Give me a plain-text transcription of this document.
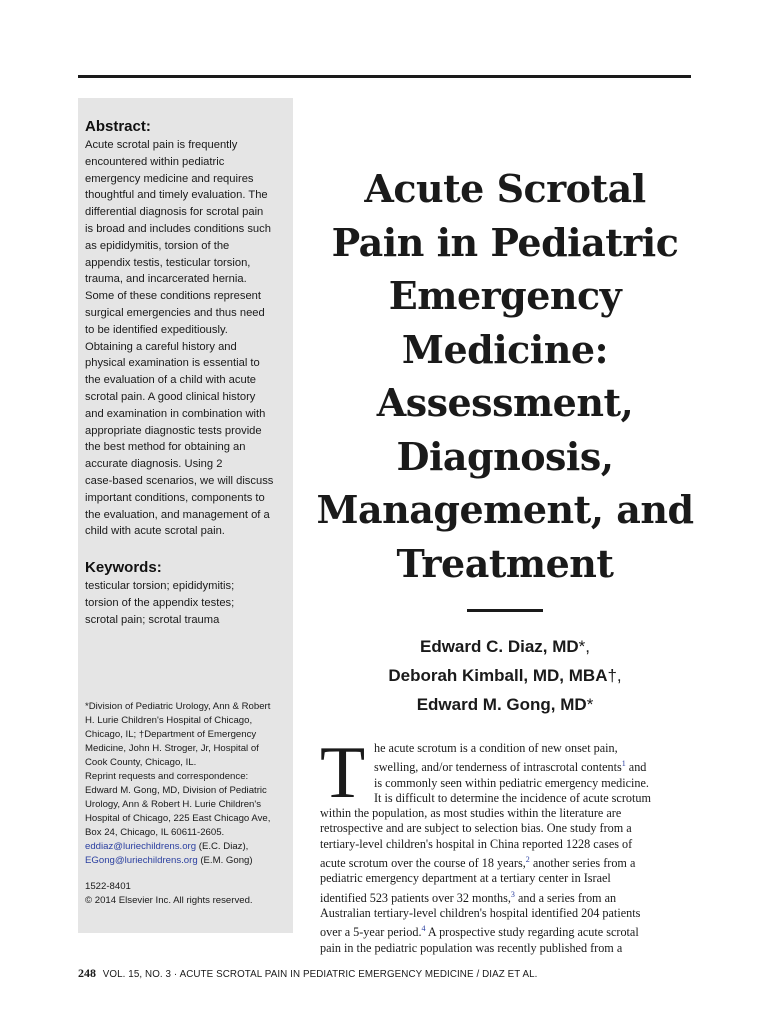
Abstract:
Acute scrotal pain is frequently
encountered within pediatric
emergency medicine and requires
thoughtful and timely evaluation. The
differential diagnosis for scrotal pain
is broad and includes conditions such
as epididymitis, torsion of the
appendix testis, testicular torsion,
trauma, and incarcerated hernia.
Some of these conditions represent
surgical emergencies and thus need
to be identified expeditiously.
Obtaining a careful history and
physical examination is essential to
the evaluation of a child with acute
scrotal pain. A good clinical history
and examination in combination with
appropriate diagnostic tests provide
the best method for obtaining an
accurate diagnosis. Using 2
case-based scenarios, we will discuss
important conditions, components to
the evaluation, and management of a
child with acute scrotal pain.
Keywords:
testicular torsion; epididymitis;
torsion of the appendix testes;
scrotal pain; scrotal trauma
*Division of Pediatric Urology, Ann & Robert
H. Lurie Children's Hospital of Chicago,
Chicago, IL; †Department of Emergency
Medicine, John H. Stroger, Jr, Hospital of
Cook County, Chicago, IL.
Reprint requests and correspondence:
Edward M. Gong, MD, Division of Pediatric
Urology, Ann & Robert H. Lurie Children's
Hospital of Chicago, 225 East Chicago Ave,
Box 24, Chicago, IL 60611-2605.
eddiaz@luriechildrens.org (E.C. Diaz),
EGong@luriechildrens.org (E.M. Gong)
1522-8401
© 2014 Elsevier Inc. All rights reserved.
Acute Scrotal
Pain in Pediatric
Emergency
Medicine:
Assessment,
Diagnosis,
Management, and
Treatment
Edward C. Diaz, MD*,
Deborah Kimball, MD, MBA†,
Edward M. Gong, MD*
T he acute scrotum is a condition of new onset pain,
swelling, and/or tenderness of intrascrotal contents$^1$ and
is commonly seen within pediatric emergency medicine.
It is difficult to determine the incidence of acute scrotum
within the population, as most studies within the literature are
retrospective and are subject to selection bias. One study from a
tertiary-level children's hospital in China reported 1228 cases of
acute scrotum over the course of 18 years,$^2$ another series from a
pediatric emergency department at a tertiary center in Israel
identified 523 patients over 32 months,$^3$ and a series from an
Australian tertiary-level children's hospital identified 204 patients
over a 5-year period.$^4$ A prospective study regarding acute scrotal
pain in the pediatric population was recently published from a
248 VOL. 15, NO. 3 · ACUTE SCROTAL PAIN IN PEDIATRIC EMERGENCY MEDICINE / DIAZ ET AL.
